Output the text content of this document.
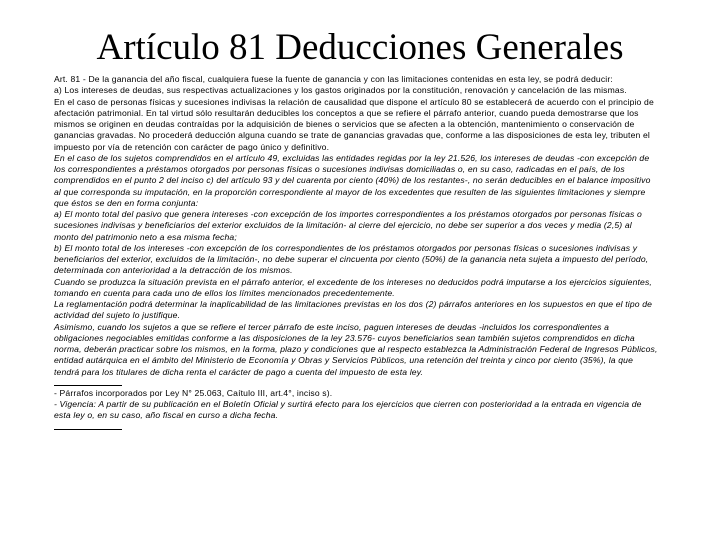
Artículo 81 Deducciones Generales

Art. 81 - De la ganancia del año fiscal, cualquiera fuese la fuente de ganancia y con las limitaciones contenidas en esta ley, se podrá deducir:

a) Los intereses de deudas, sus respectivas actualizaciones y los gastos originados por la constitución, renovación y cancelación de las mismas.

En el caso de personas físicas y sucesiones indivisas la relación de causalidad que dispone el artículo 80 se establecerá de acuerdo con el principio de afectación patrimonial. En tal virtud sólo resultarán deducibles los conceptos a que se refiere el párrafo anterior, cuando pueda demostrarse que los mismos se originen en deudas contraídas por la adquisición de bienes o servicios que se afecten a la obtención, mantenimiento o conservación de ganancias gravadas. No procederá deducción alguna cuando se trate de ganancias gravadas que, conforme a las disposiciones de esta ley, tributen el impuesto por vía de retención con carácter de pago único y definitivo.

En el caso de los sujetos comprendidos en el artículo 49, excluidas las entidades regidas por la ley 21.526, los intereses de deudas -con excepción de los correspondientes a préstamos otorgados por personas físicas o sucesiones indivisas domiciliadas o, en su caso, radicadas en el país, de los comprendidos en el punto 2 del inciso c) del artículo 93 y del cuarenta por ciento (40%) de los restantes-, no serán deducibles en el balance impositivo al que corresponda su imputación, en la proporción correspondiente al mayor de los excedentes que resulten de las siguientes limitaciones y siempre que éstos se den en forma conjunta:

a) El monto total del pasivo que genera intereses -con excepción de los importes correspondientes a los préstamos otorgados por personas físicas o sucesiones indivisas y beneficiarios del exterior excluidos de la limitación- al cierre del ejercicio, no debe ser superior a dos veces y media (2,5) al monto del patrimonio neto a esa misma fecha;

b) El monto total de los intereses -con excepción de los correspondientes de los préstamos otorgados por personas físicas o sucesiones indivisas y beneficiarios del exterior, excluidos de la limitación-, no debe superar el cincuenta por ciento (50%) de la ganancia neta sujeta a impuesto del período, determinada con anterioridad a la detracción de los mismos.

Cuando se produzca la situación prevista en el párrafo anterior, el excedente de los intereses no deducidos podrá imputarse a los ejercicios siguientes, tomando en cuenta para cada uno de ellos los límites mencionados precedentemente.

La reglamentación podrá determinar la inaplicabilidad de las limitaciones previstas en los dos (2) párrafos anteriores en los supuestos en que el tipo de actividad del sujeto lo justifique.

Asimismo, cuando los sujetos a que se refiere el tercer párrafo de este inciso, paguen intereses de deudas -incluidos los correspondientes a obligaciones negociables emitidas conforme a las disposiciones de la ley 23.576- cuyos beneficiarios sean también sujetos comprendidos en dicha norma, deberán practicar sobre los mismos, en la forma, plazo y condiciones que al respecto establezca la Administración Federal de Ingresos Públicos, entidad autárquica en el ámbito del Ministerio de Economía y Obras y Servicios Públicos, una retención del treinta y cinco por ciento (35%), la que tendrá para los titulares de dicha renta el carácter de pago a cuenta del impuesto de esta ley.

- Párrafos incorporados por Ley N° 25.063, Caítulo III, art.4°, inciso s).

- Vigencia: A partir de su publicación en el Boletín Oficial y surtirá efecto para los ejercicios que cierren con posterioridad a la entrada en vigencia de esta ley o, en su caso, año fiscal en curso a dicha fecha.
